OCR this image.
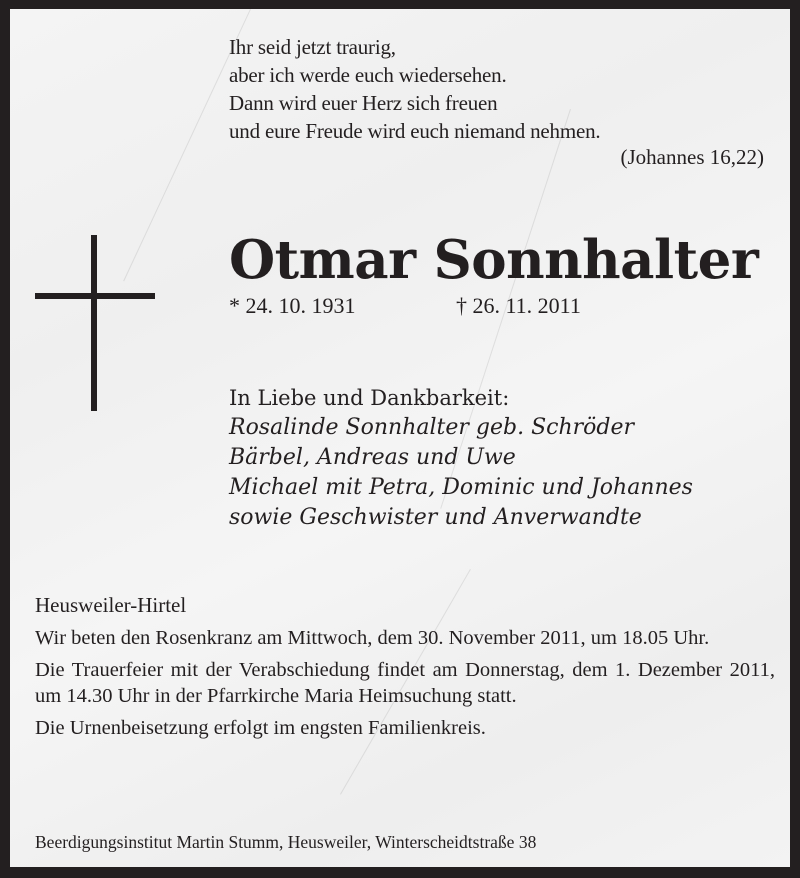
Ihr seid jetzt traurig,
aber ich werde euch wiedersehen.
Dann wird euer Herz sich freuen
und eure Freude wird euch niemand nehmen.
(Johannes 16,22)
Otmar Sonnhalter
* 24. 10. 1931	† 26. 11. 2011
In Liebe und Dankbarkeit:
Rosalinde Sonnhalter geb. Schröder
Bärbel, Andreas und Uwe
Michael mit Petra, Dominic und Johannes
sowie Geschwister und Anverwandte
Heusweiler-Hirtel

Wir beten den Rosenkranz am Mittwoch, dem 30. November 2011, um 18.05 Uhr.

Die Trauerfeier mit der Verabschiedung findet am Donnerstag, dem 1. Dezember 2011, um 14.30 Uhr in der Pfarrkirche Maria Heimsuchung statt.

Die Urnenbeisetzung erfolgt im engsten Familienkreis.

Beerdigungsinstitut Martin Stumm, Heusweiler, Winterscheidtstraße 38
